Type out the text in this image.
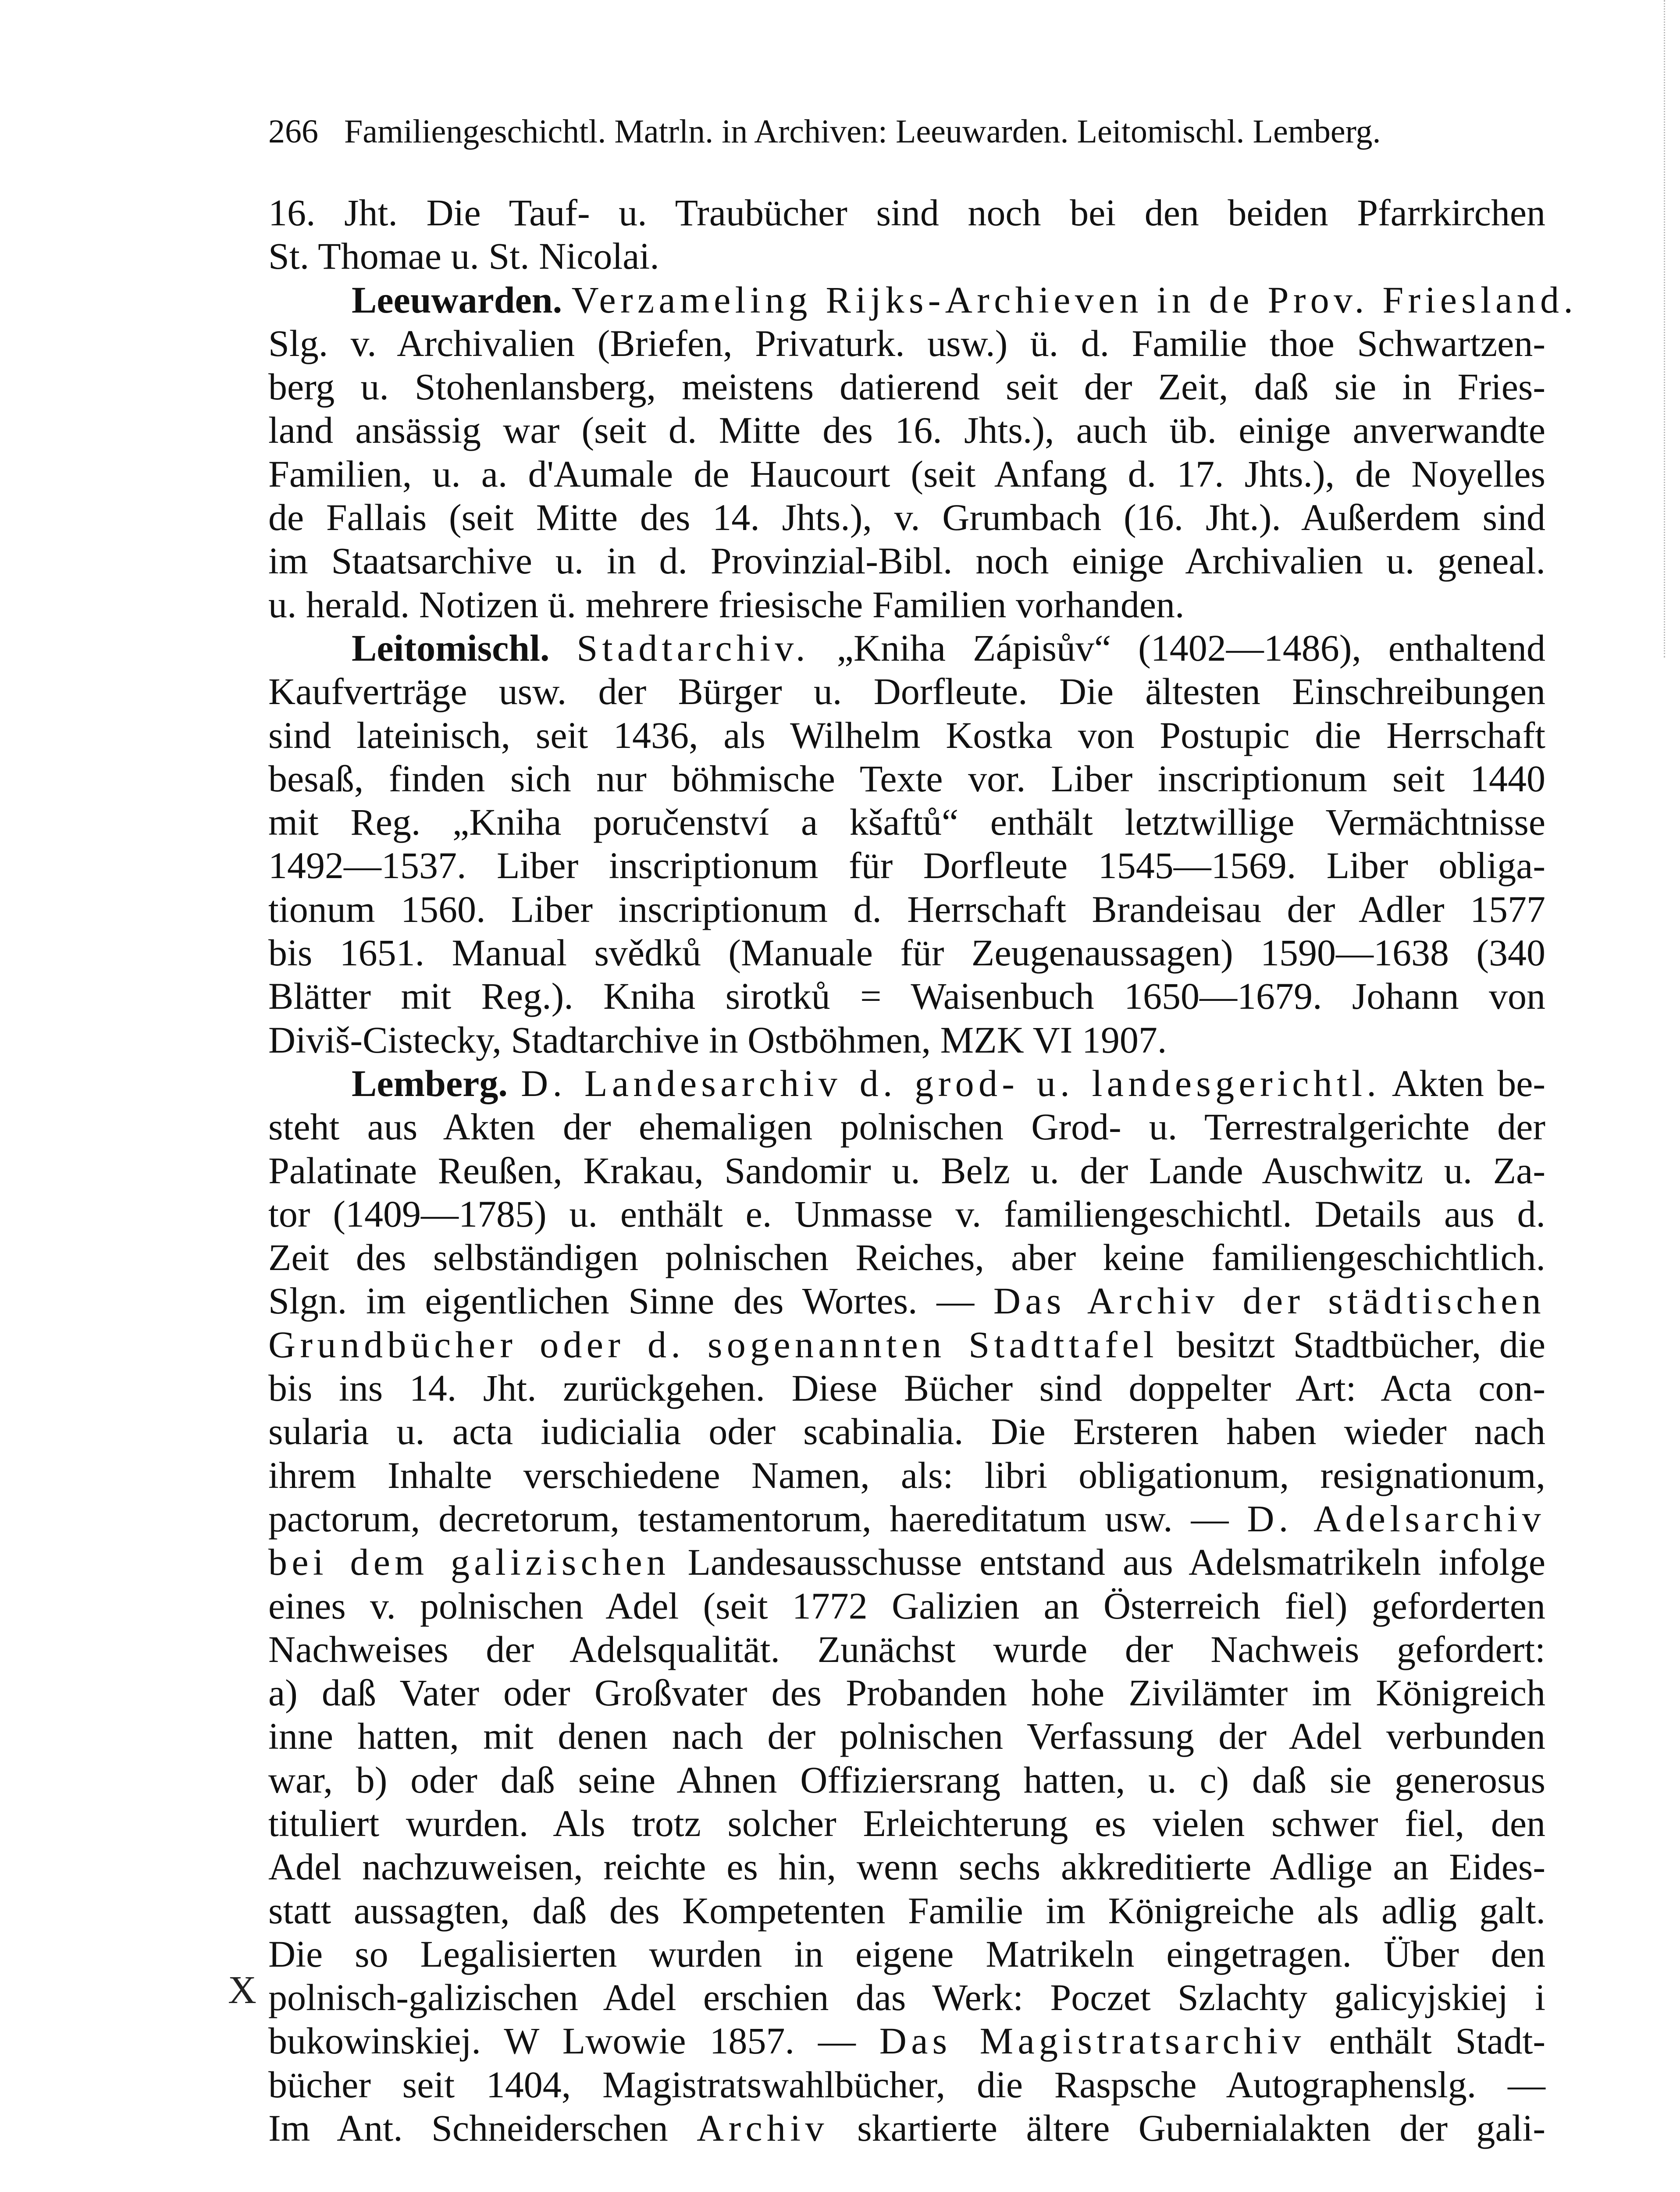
266 Familiengeschichtl. Matrln. in Archiven: Leeuwarden. Leitomischl. Lemberg.
16. Jht. Die Tauf- u. Traubücher sind noch bei den beiden Pfarrkirchen
St. Thomae u. St. Nicolai.
Leeuwarden. Verzameling Rijks-Archieven in de Prov. Friesland.
Slg. v. Archivalien (Briefen, Privaturk. usw.) ü. d. Familie thoe Schwartzen-
berg u. Stohenlansberg, meistens datierend seit der Zeit, daß sie in Fries-
land ansässig war (seit d. Mitte des 16. Jhts.), auch üb. einige anverwandte
Familien, u. a. d'Aumale de Haucourt (seit Anfang d. 17. Jhts.), de Noyelles
de Fallais (seit Mitte des 14. Jhts.), v. Grumbach (16. Jht.). Außerdem sind
im Staatsarchive u. in d. Provinzial-Bibl. noch einige Archivalien u. geneal.
u. herald. Notizen ü. mehrere friesische Familien vorhanden.
Leitomischl. Stadtarchiv. „Kniha Zápisův“ (1402—1486), enthaltend
Kaufverträge usw. der Bürger u. Dorfleute. Die ältesten Einschreibungen
sind lateinisch, seit 1436, als Wilhelm Kostka von Postupic die Herrschaft
besaß, finden sich nur böhmische Texte vor. Liber inscriptionum seit 1440
mit Reg. „Kniha poručenství a kšaftů“ enthält letztwillige Vermächtnisse
1492—1537. Liber inscriptionum für Dorfleute 1545—1569. Liber obliga-
tionum 1560. Liber inscriptionum d. Herrschaft Brandeisau der Adler 1577
bis 1651. Manual svědků (Manuale für Zeugenaussagen) 1590—1638 (340
Blätter mit Reg.). Kniha sirotků = Waisenbuch 1650—1679. Johann von
Diviš-Cistecky, Stadtarchive in Ostböhmen, MZK VI 1907.
Lemberg. D. Landesarchiv d. grod- u. landesgerichtl. Akten be-
steht aus Akten der ehemaligen polnischen Grod- u. Terrestralgerichte der
Palatinate Reußen, Krakau, Sandomir u. Belz u. der Lande Auschwitz u. Za-
tor (1409—1785) u. enthält e. Unmasse v. familiengeschichtl. Details aus d.
Zeit des selbständigen polnischen Reiches, aber keine familiengeschichtlich.
Slgn. im eigentlichen Sinne des Wortes. — Das Archiv der städtischen
Grundbücher oder d. sogenannten Stadttafel besitzt Stadtbücher, die
bis ins 14. Jht. zurückgehen. Diese Bücher sind doppelter Art: Acta con-
sularia u. acta iudicialia oder scabinalia. Die Ersteren haben wieder nach
ihrem Inhalte verschiedene Namen, als: libri obligationum, resignationum,
pactorum, decretorum, testamentorum, haereditatum usw. — D. Adelsarchiv
bei dem galizischen Landesausschusse entstand aus Adelsmatrikeln infolge
eines v. polnischen Adel (seit 1772 Galizien an Österreich fiel) geforderten
Nachweises der Adelsqualität. Zunächst wurde der Nachweis gefordert:
a) daß Vater oder Großvater des Probanden hohe Zivilämter im Königreich
inne hatten, mit denen nach der polnischen Verfassung der Adel verbunden
war, b) oder daß seine Ahnen Offiziersrang hatten, u. c) daß sie generosus
tituliert wurden. Als trotz solcher Erleichterung es vielen schwer fiel, den
Adel nachzuweisen, reichte es hin, wenn sechs akkreditierte Adlige an Eides-
statt aussagten, daß des Kompetenten Familie im Königreiche als adlig galt.
Die so Legalisierten wurden in eigene Matrikeln eingetragen. Über den
polnisch-galizischen Adel erschien das Werk: Poczet Szlachty galicyjskiej i
bukowinskiej. W Lwowie 1857. — Das Magistratsarchiv enthält Stadt-
bücher seit 1404, Magistratswahlbücher, die Raspsche Autographenslg. —
Im Ant. Schneiderschen Archiv skartierte ältere Gubernialakten der gali-
X
